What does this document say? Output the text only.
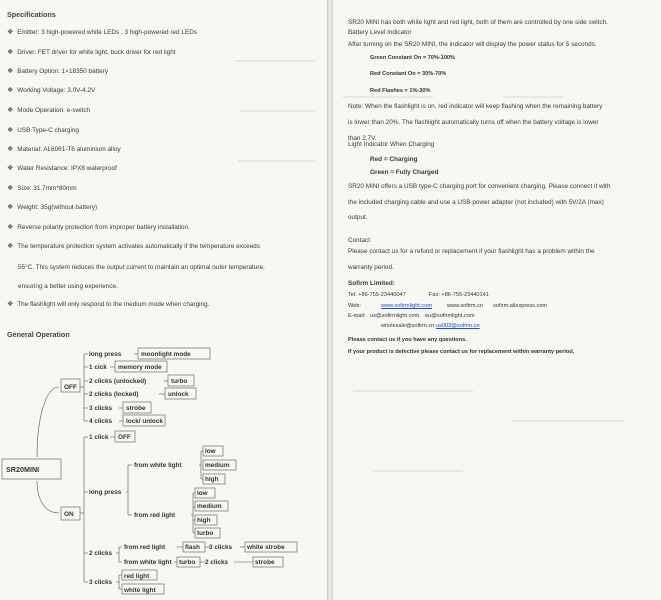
Specifications
❖ Emitter: 3 high-powered white LEDs , 3 high-powered red LEDs
❖ Driver: FET driver for white light, buck driver for red light
❖ Battery Option: 1×18350 battery
❖ Working Voltage: 3.0V-4.2V
❖ Mode Operation: e-switch
❖ USB Type-C charging
❖ Material: AL6061-T6 aluminium alloy
❖ Water Resistance: IPX8 waterproof
❖ Size: 31.7mm*80mm
❖ Weight: 35g(without battery)
❖ Reverse polarity protection from improper battery installation.
❖ The temperature protection system activates automatically if the temperature exceeds
55°C. This system reduces the output current to maintain an optimal outer temperature,
ensuring a better using experience.
❖ The flashlight will only respond to the medium mode when charging.
General Operation
SR20 MINI has both white light and red light, both of them are controlled by one side switch.
Battery Level Indicator
After turning on the SR20 MINI, the indicator will display the power status for 5 seconds.
Green Constant On = 70%-100%
Red Constant On = 30%-70%
Red Flashes = 1%-30%
Note: When the flashlight is on, red indicator will keep flashing when the remaining battery
is lower than 20%. The flashlight automatically turns off when the battery voltage is lower
than 2.7V.
Light Indicator When Charging
Red = Charging
Green = Fully Charged
SR20 MINI offers a USB type-C charging port for convenient charging. Please connect it with
the included charging cable and use a USB power adapter (not included) with 5V/2A (max)
output.
Contact
Please contact us for a refund or replacement if your flashlight has a problem within the
warranty period.
Sofirm Limited:
Tel: +86-755-23440047	Fax: +86-755-23440141
Web:	www.sofirmlight.com	www.sofirm.cn sofirm.aliexpress.com
E-mail: us@sofirmlight.com eu@sofirmlight.com
wholesale@sofirm.cn us003@sofirm.cn
Please contact us if you have any questions.
If your product is defective please contact us for replacement within warranty period.
SR20MINI
OFF
ON
long press	moonlight mode
1 cick memory mode
2 clicks (unlocked)	turbo
2 clicks (locked)	unlock
3 clicks strobe
4 clicks lock/ unlock
1 click OFF
long press
from white light
low
medium
high
from red light
low
medium
high
turbo
2 clicks
from red light	flash 3 clicks white strobe
from white light turbo 2 clicks	strobe
3 clicks
red light
white light
